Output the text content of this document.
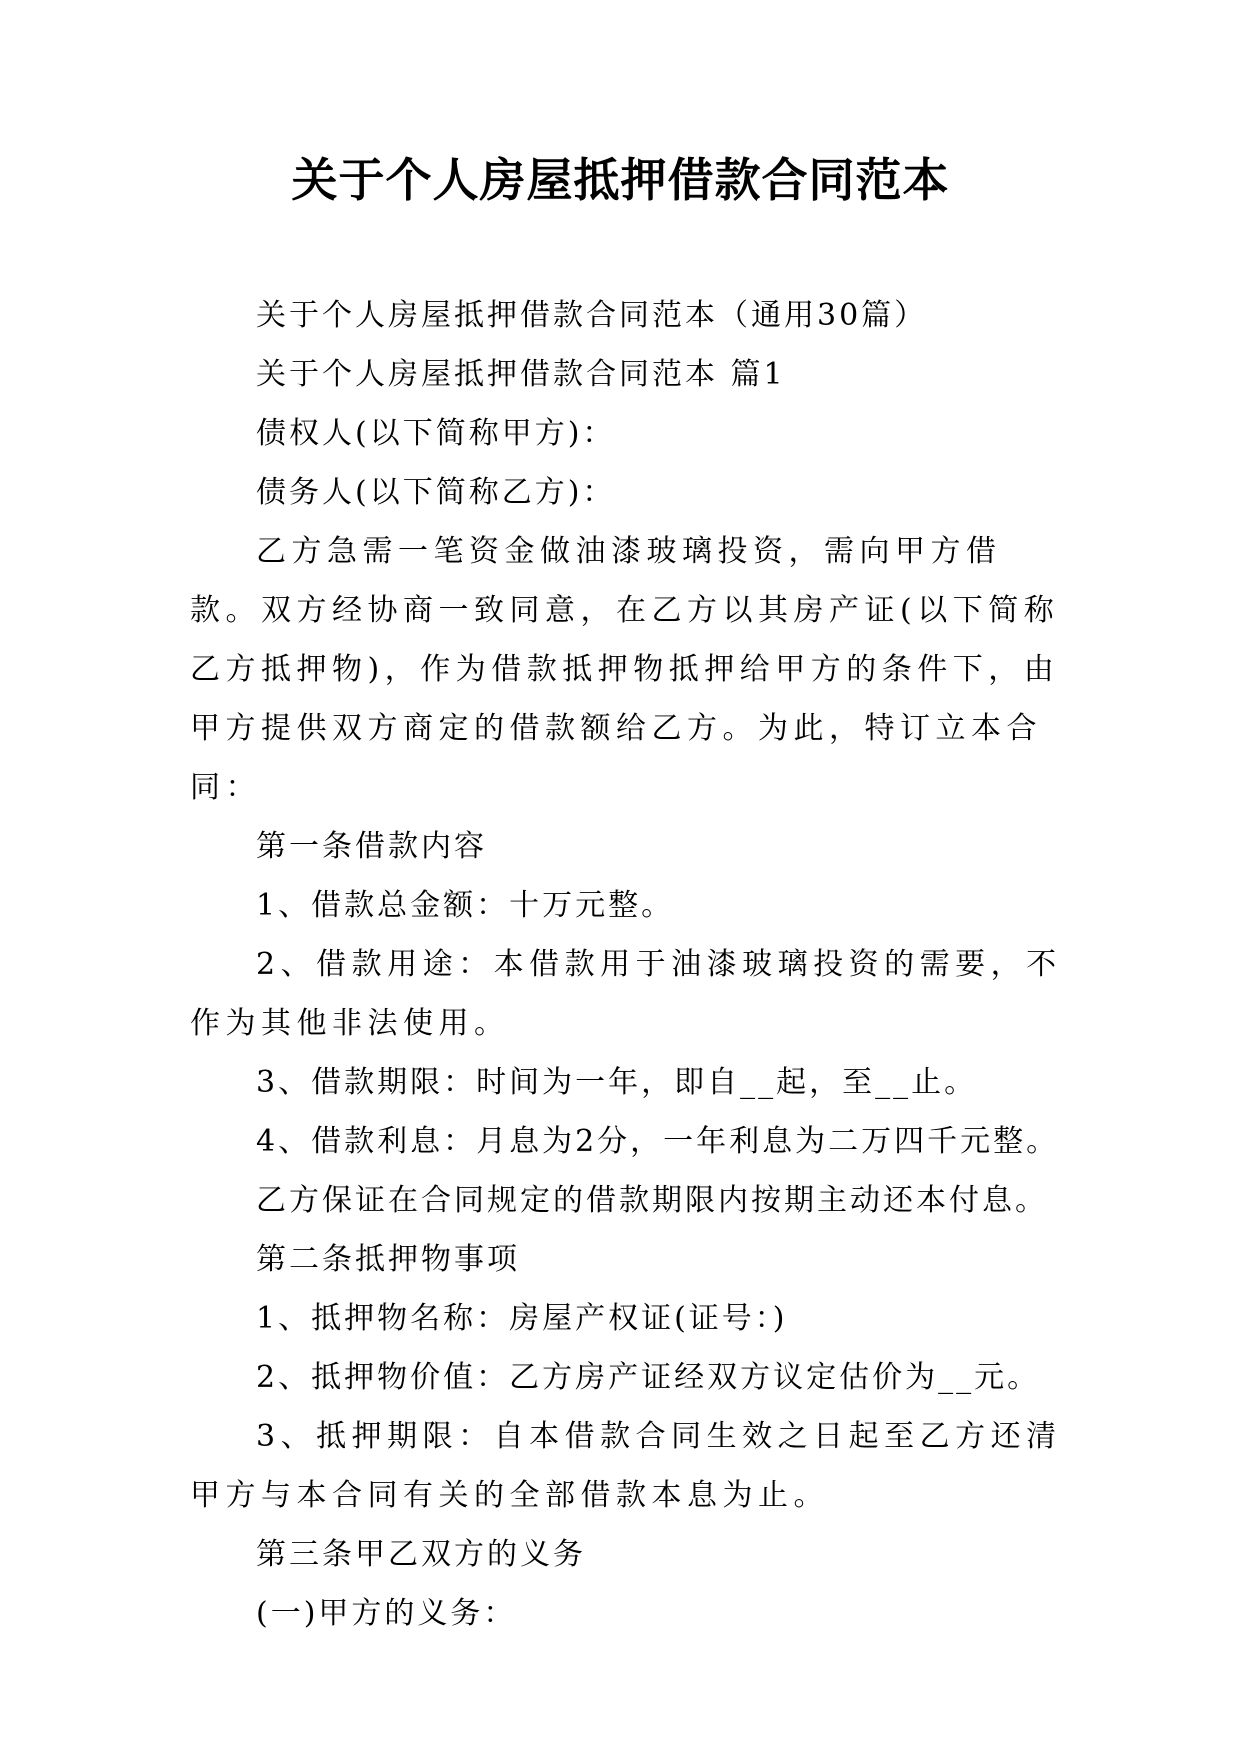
关于个人房屋抵押借款合同范本

关于个人房屋抵押借款合同范本（通用30篇）

关于个人房屋抵押借款合同范本 篇1

债权人(以下简称甲方)：

债务人(以下简称乙方)：

乙方急需一笔资金做油漆玻璃投资，需向甲方借款。双方经协商一致同意，在乙方以其房产证(以下简称乙方抵押物)，作为借款抵押物抵押给甲方的条件下，由甲方提供双方商定的借款额给乙方。为此，特订立本合同：

第一条借款内容

1、借款总金额：十万元整。

2、借款用途：本借款用于油漆玻璃投资的需要，不作为其他非法使用。

3、借款期限：时间为一年，即自__起，至__止。

4、借款利息：月息为2分，一年利息为二万四千元整。

乙方保证在合同规定的借款期限内按期主动还本付息。

第二条抵押物事项

1、抵押物名称：房屋产权证(证号：)

2、抵押物价值：乙方房产证经双方议定估价为__元。

3、抵押期限：自本借款合同生效之日起至乙方还清甲方与本合同有关的全部借款本息为止。

第三条甲乙双方的义务

(一)甲方的义务：
